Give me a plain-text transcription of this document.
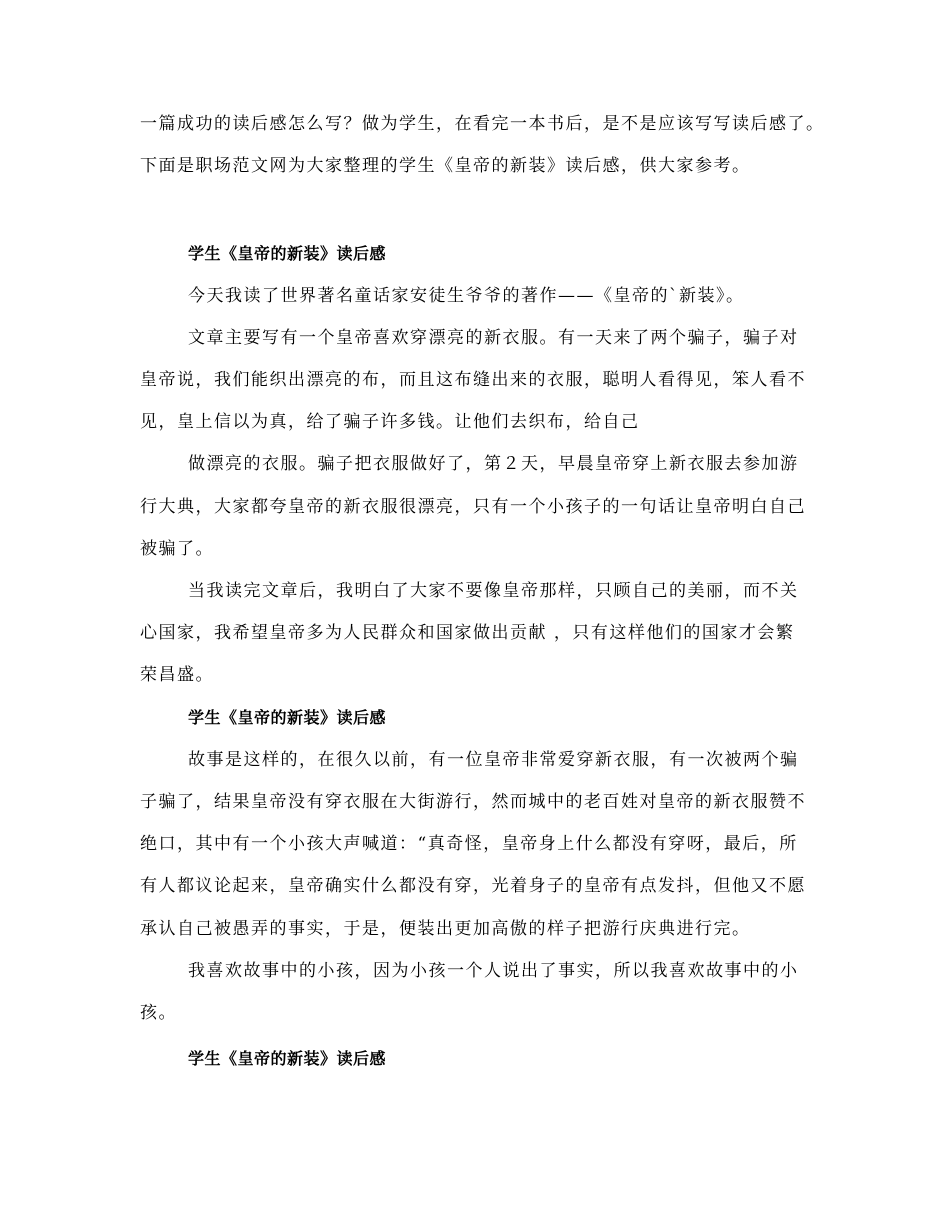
一篇成功的读后感怎么写？做为学生，在看完一本书后，是不是应该写写读后感了。
下面是职场范文网为大家整理的学生《皇帝的新装》读后感，供大家参考。
学生《皇帝的新装》读后感
今天我读了世界著名童话家安徒生爷爷的著作——《皇帝的`新装》。
文章主要写有一个皇帝喜欢穿漂亮的新衣服。有一天来了两个骗子，骗子对
皇帝说，我们能织出漂亮的布，而且这布缝出来的衣服，聪明人看得见，笨人看不
见，皇上信以为真，给了骗子许多钱。让他们去织布，给自己
做漂亮的衣服。骗子把衣服做好了，第２天，早晨皇帝穿上新衣服去参加游
行大典，大家都夸皇帝的新衣服很漂亮，只有一个小孩子的一句话让皇帝明白自己
被骗了。
当我读完文章后，我明白了大家不要像皇帝那样，只顾自己的美丽，而不关
心国家，我希望皇帝多为人民群众和国家做出贡献 ，只有这样他们的国家才会繁
荣昌盛。
学生《皇帝的新装》读后感
故事是这样的，在很久以前，有一位皇帝非常爱穿新衣服，有一次被两个骗
子骗了，结果皇帝没有穿衣服在大街游行，然而城中的老百姓对皇帝的新衣服赞不
绝口，其中有一个小孩大声喊道：“真奇怪，皇帝身上什么都没有穿呀，最后，所
有人都议论起来，皇帝确实什么都没有穿，光着身子的皇帝有点发抖，但他又不愿
承认自己被愚弄的事实，于是，便装出更加高傲的样子把游行庆典进行完。
我喜欢故事中的小孩，因为小孩一个人说出了事实，所以我喜欢故事中的小
孩。
学生《皇帝的新装》读后感
